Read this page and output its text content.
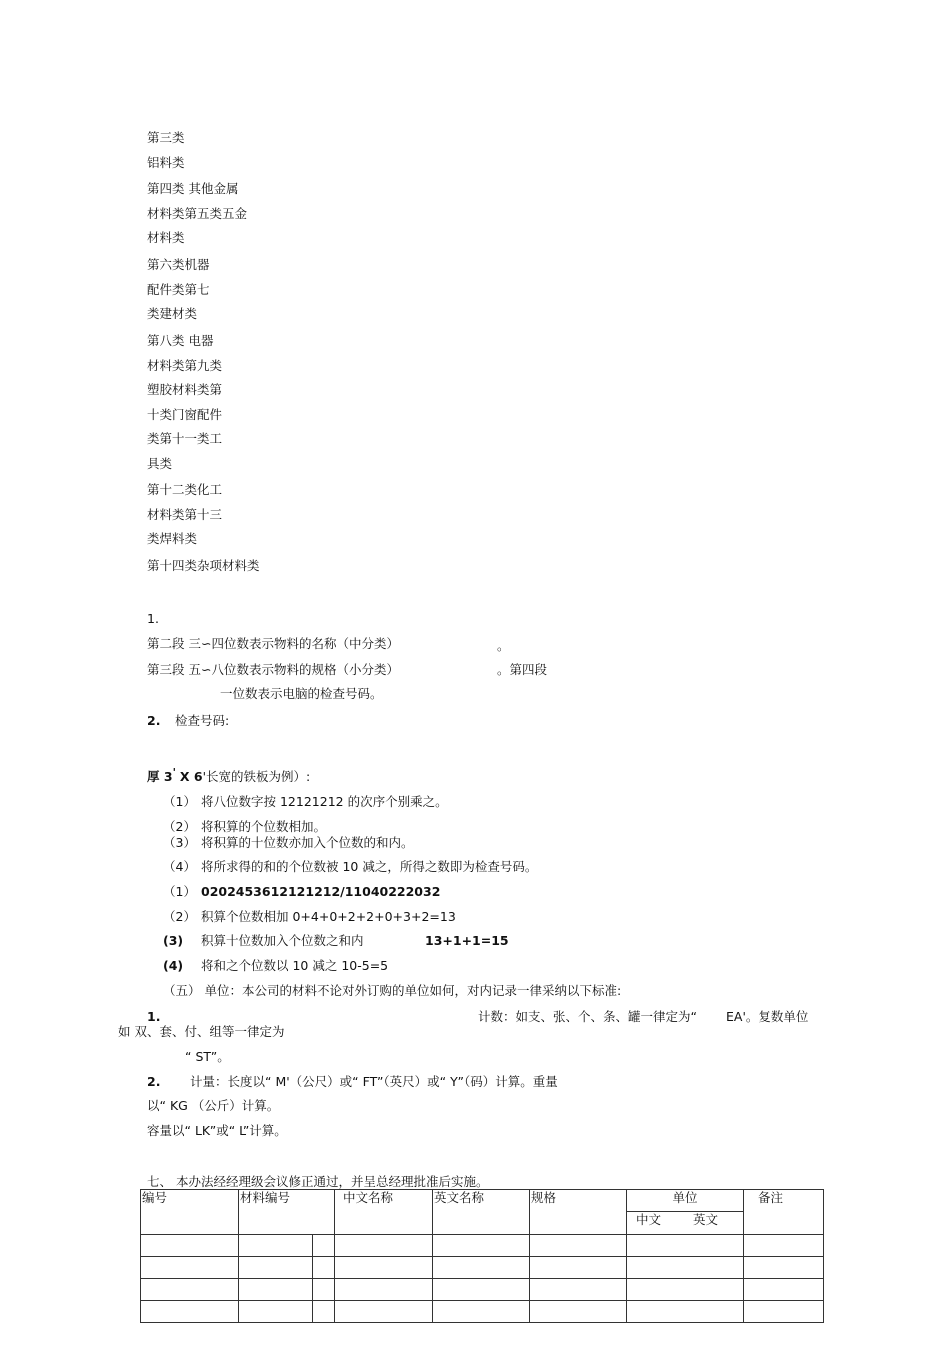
第三类
铝料类
第四类 其他金属
材料类第五类五金
材料类
第六类机器
配件类第七
类建材类
第八类 电器
材料类第九类
塑胶材料类第
十类门窗配件
类第十一类工
具类
第十二类化工
材料类第十三
类焊料类
第十四类杂项材料类
1.
第二段 三∽四位数表示物料的名称（中分类）	。
第三段 五∽八位数表示物料的规格（小分类）	。第四段
一位数表示电脑的检查号码。
2. 检查号码:
厚 3' X 6'长宽的铁板为例）:
（1） 将八位数字按 12121212 的次序个别乘之。
（2） 将积算的个位数相加。
（3） 将积算的十位数亦加入个位数的和内。
（4） 将所求得的和的个位数被 10 减之，所得之数即为检查号码。
（1） 0202453612121212/11040222032
（2） 积算个位数相加 0+4+0+2+2+0+3+2=13
(3) 积算十位数加入个位数之和内	13+1+1=15
(4) 将和之个位数以 10 减之 10-5=5
（五） 单位：本公司的材料不论对外订购的单位如何，对内记录一律采纳以下标准:
1.	计数：如支、张、个、条、罐一律定为“ EA'。复数单位
如 双、套、付、组等一律定为
“ ST”。
2. 计量：长度以“ M'（公尺）或“ FT”（英尺）或“ Y”（码）计算。重量
以“ KG （公斤）计算。
容量以“ LK”或“ L”计算。
七、 本办法经经理级会议修正通过，并呈总经理批准后实施。
编号	材料编号		中文名称	英文名称	规格	单位	备注
						中文 英文	
